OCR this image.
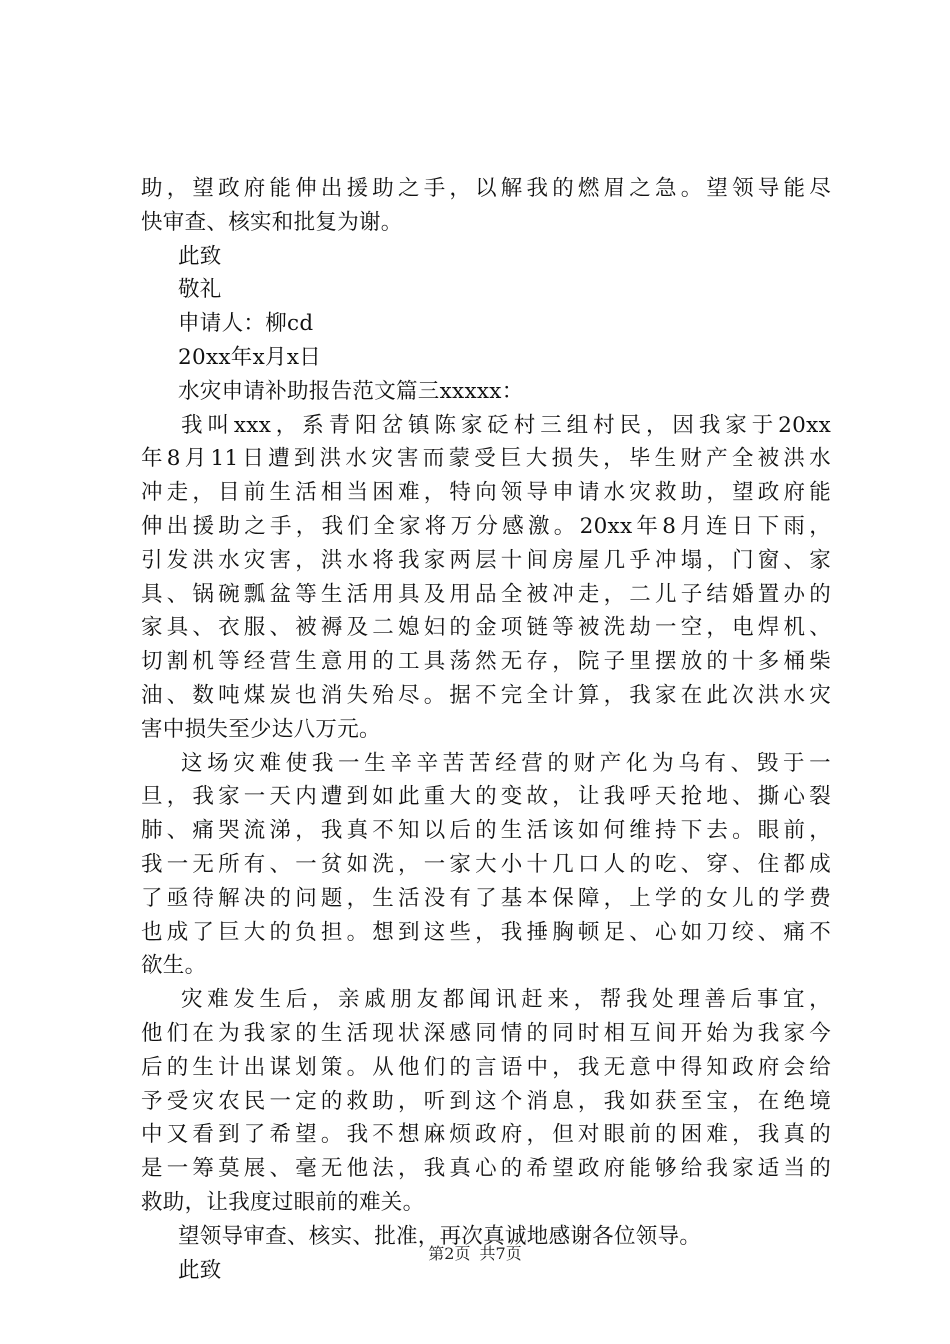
助，望政府能伸出援助之手，以解我的燃眉之急。望领导能尽
快审查、核实和批复为谢。
此致
敬礼
申请人：柳cd
20xx年x月x日
水灾申请补助报告范文篇三xxxxx：
我叫xxx，系青阳岔镇陈家砭村三组村民，因我家于20xx
年8月11日遭到洪水灾害而蒙受巨大损失，毕生财产全被洪水
冲走，目前生活相当困难，特向领导申请水灾救助，望政府能
伸出援助之手，我们全家将万分感激。20xx年8月连日下雨，
引发洪水灾害，洪水将我家两层十间房屋几乎冲塌，门窗、家
具、锅碗瓢盆等生活用具及用品全被冲走，二儿子结婚置办的
家具、衣服、被褥及二媳妇的金项链等被洗劫一空，电焊机、
切割机等经营生意用的工具荡然无存，院子里摆放的十多桶柴
油、数吨煤炭也消失殆尽。据不完全计算，我家在此次洪水灾
害中损失至少达八万元。
这场灾难使我一生辛辛苦苦经营的财产化为乌有、毁于一
旦，我家一天内遭到如此重大的变故，让我呼天抢地、撕心裂
肺、痛哭流涕，我真不知以后的生活该如何维持下去。眼前，
我一无所有、一贫如洗，一家大小十几口人的吃、穿、住都成
了亟待解决的问题，生活没有了基本保障，上学的女儿的学费
也成了巨大的负担。想到这些，我捶胸顿足、心如刀绞、痛不
欲生。
灾难发生后，亲戚朋友都闻讯赶来，帮我处理善后事宜，
他们在为我家的生活现状深感同情的同时相互间开始为我家今
后的生计出谋划策。从他们的言语中，我无意中得知政府会给
予受灾农民一定的救助，听到这个消息，我如获至宝，在绝境
中又看到了希望。我不想麻烦政府，但对眼前的困难，我真的
是一筹莫展、毫无他法，我真心的希望政府能够给我家适当的
救助，让我度过眼前的难关。
望领导审查、核实、批准，再次真诚地感谢各位领导。
此致
第2页 共7页
